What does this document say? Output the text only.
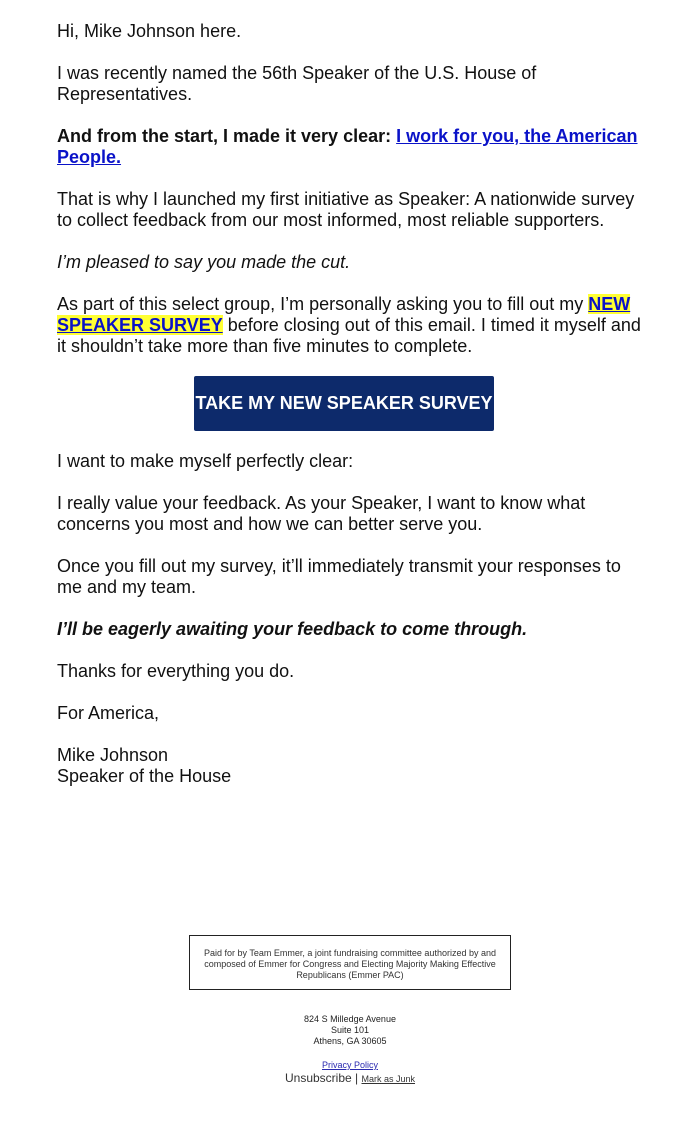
Hi, Mike Johnson here.

I was recently named the 56th Speaker of the U.S. House of Representatives.

And from the start, I made it very clear: I work for you, the American People.

That is why I launched my first initiative as Speaker: A nationwide survey to collect feedback from our most informed, most reliable supporters.

I’m pleased to say you made the cut.

As part of this select group, I’m personally asking you to fill out my NEW SPEAKER SURVEY before closing out of this email. I timed it myself and it shouldn’t take more than five minutes to complete.

TAKE MY NEW SPEAKER SURVEY

I want to make myself perfectly clear:

I really value your feedback. As your Speaker, I want to know what concerns you most and how we can better serve you.

Once you fill out my survey, it’ll immediately transmit your responses to me and my team.

I’ll be eagerly awaiting your feedback to come through.

Thanks for everything you do.

For America,

Mike Johnson
Speaker of the House

Paid for by Team Emmer, a joint fundraising committee authorized by and composed of Emmer for Congress and Electing Majority Making Effective Republicans (Emmer PAC)
824 S Milledge Avenue
Suite 101
Athens, GA 30605
Privacy Policy
Unsubscribe | Mark as Junk
